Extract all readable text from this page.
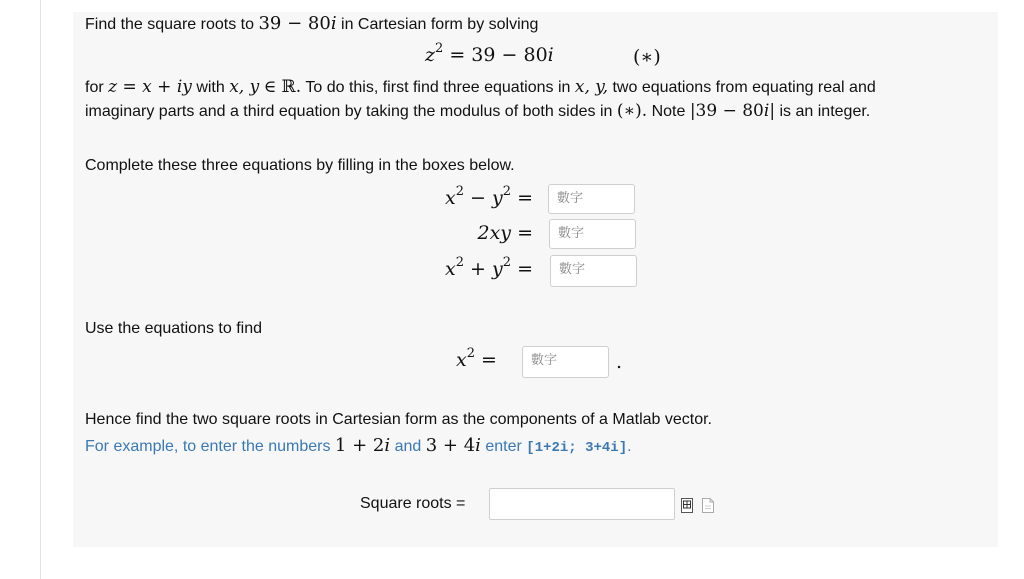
Find the square roots to 39 − 80i in Cartesian form by solving
$z^2 = 39 - 80i$	(∗)
for z = x + iy with x, y ∈ ℝ. To do this, first find three equations in x, y, two equations from equating real and
imaginary parts and a third equation by taking the modulus of both sides in (∗). Note |39 − 80i| is an integer.
Complete these three equations by filling in the boxes below.
$x^2 - y^2$ =	數字
2xy =	數字
$x^2 + y^2$ =	數字
Use the equations to find
$x^2$ =	數字	.
Hence find the two square roots in Cartesian form as the components of a Matlab vector.
For example, to enter the numbers 1 + 2i and 3 + 4i enter [1+2i; 3+4i].
Square roots =
